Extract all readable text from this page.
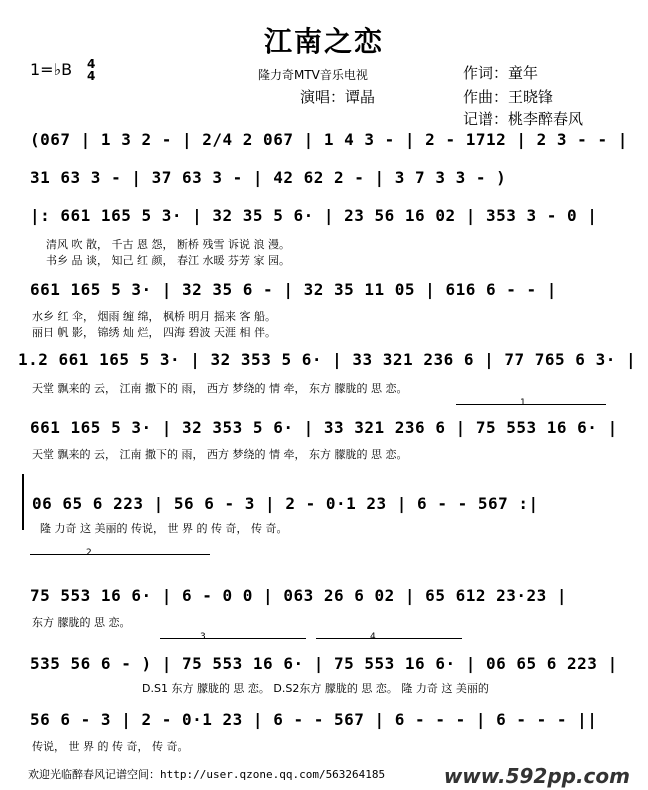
江南之恋
1=♭B 4
4	隆力奇MTV音乐电视
演唱：谭晶
作词：童年
作曲：王晓锋
记谱：桃李醉春风
(067 | 1 3 2 - | 2/4 2 067 | 1 4 3 - | 2 - 1712 | 2 3 - - |
31 63 3 - | 37 63 3 - | 42 62 2 - | 3 7 3 3 - )
|: 661 165 5 3· | 32 35 5 6· | 23 56 16 02 | 353 3 - 0 |
清风 吹 散， 千古 恩 怨， 断桥 残雪 诉说 浪 漫。
书乡 品 谈， 知己 红 颜， 春江 水暖 芬芳 家 园。
661 165 5 3· | 32 35 6 - | 32 35 11 05 | 616 6 - - |
水乡 红 伞， 烟雨 缠 绵， 枫桥 明月 摇来 客 船。
丽日 帆 影， 锦绣 灿 烂， 四海 碧波 天涯 相 伴。
1.2 661 165 5 3· | 32 353 5 6· | 33 321 236 6 | 77 765 6 3· |
天堂 飘来的 云， 江南 撒下的 雨， 西方 梦绕的 情 牵， 东方 朦胧的 思 恋。
1
661 165 5 3· | 32 353 5 6· | 33 321 236 6 | 75 553 16 6· |
天堂 飘来的 云， 江南 撒下的 雨， 西方 梦绕的 情 牵， 东方 朦胧的 思 恋。
06 65 6 223 | 56 6 - 3 | 2 - 0·1 23 | 6 - - 567 :|
隆 力奇 这 美丽的 传说， 世 界 的 传 奇， 传 奇。
2
75 553 16 6· | 6 - 0 0 | 063 26 6 02 | 65 612 23·23 |
东方 朦胧的 思 恋。
3	4
535 56 6 - ) | 75 553 16 6· | 75 553 16 6· | 06 65 6 223 |
D.S1 东方 朦胧的 思 恋。 D.S2东方 朦胧的 思 恋。 隆 力奇 这 美丽的
56 6 - 3 | 2 - 0·1 23 | 6 - - 567 | 6 - - - | 6 - - - ||
传说， 世 界 的 传 奇， 传 奇。
欢迎光临醉春风记谱空间：http://user.qzone.qq.com/563264185	www.592pp.com
